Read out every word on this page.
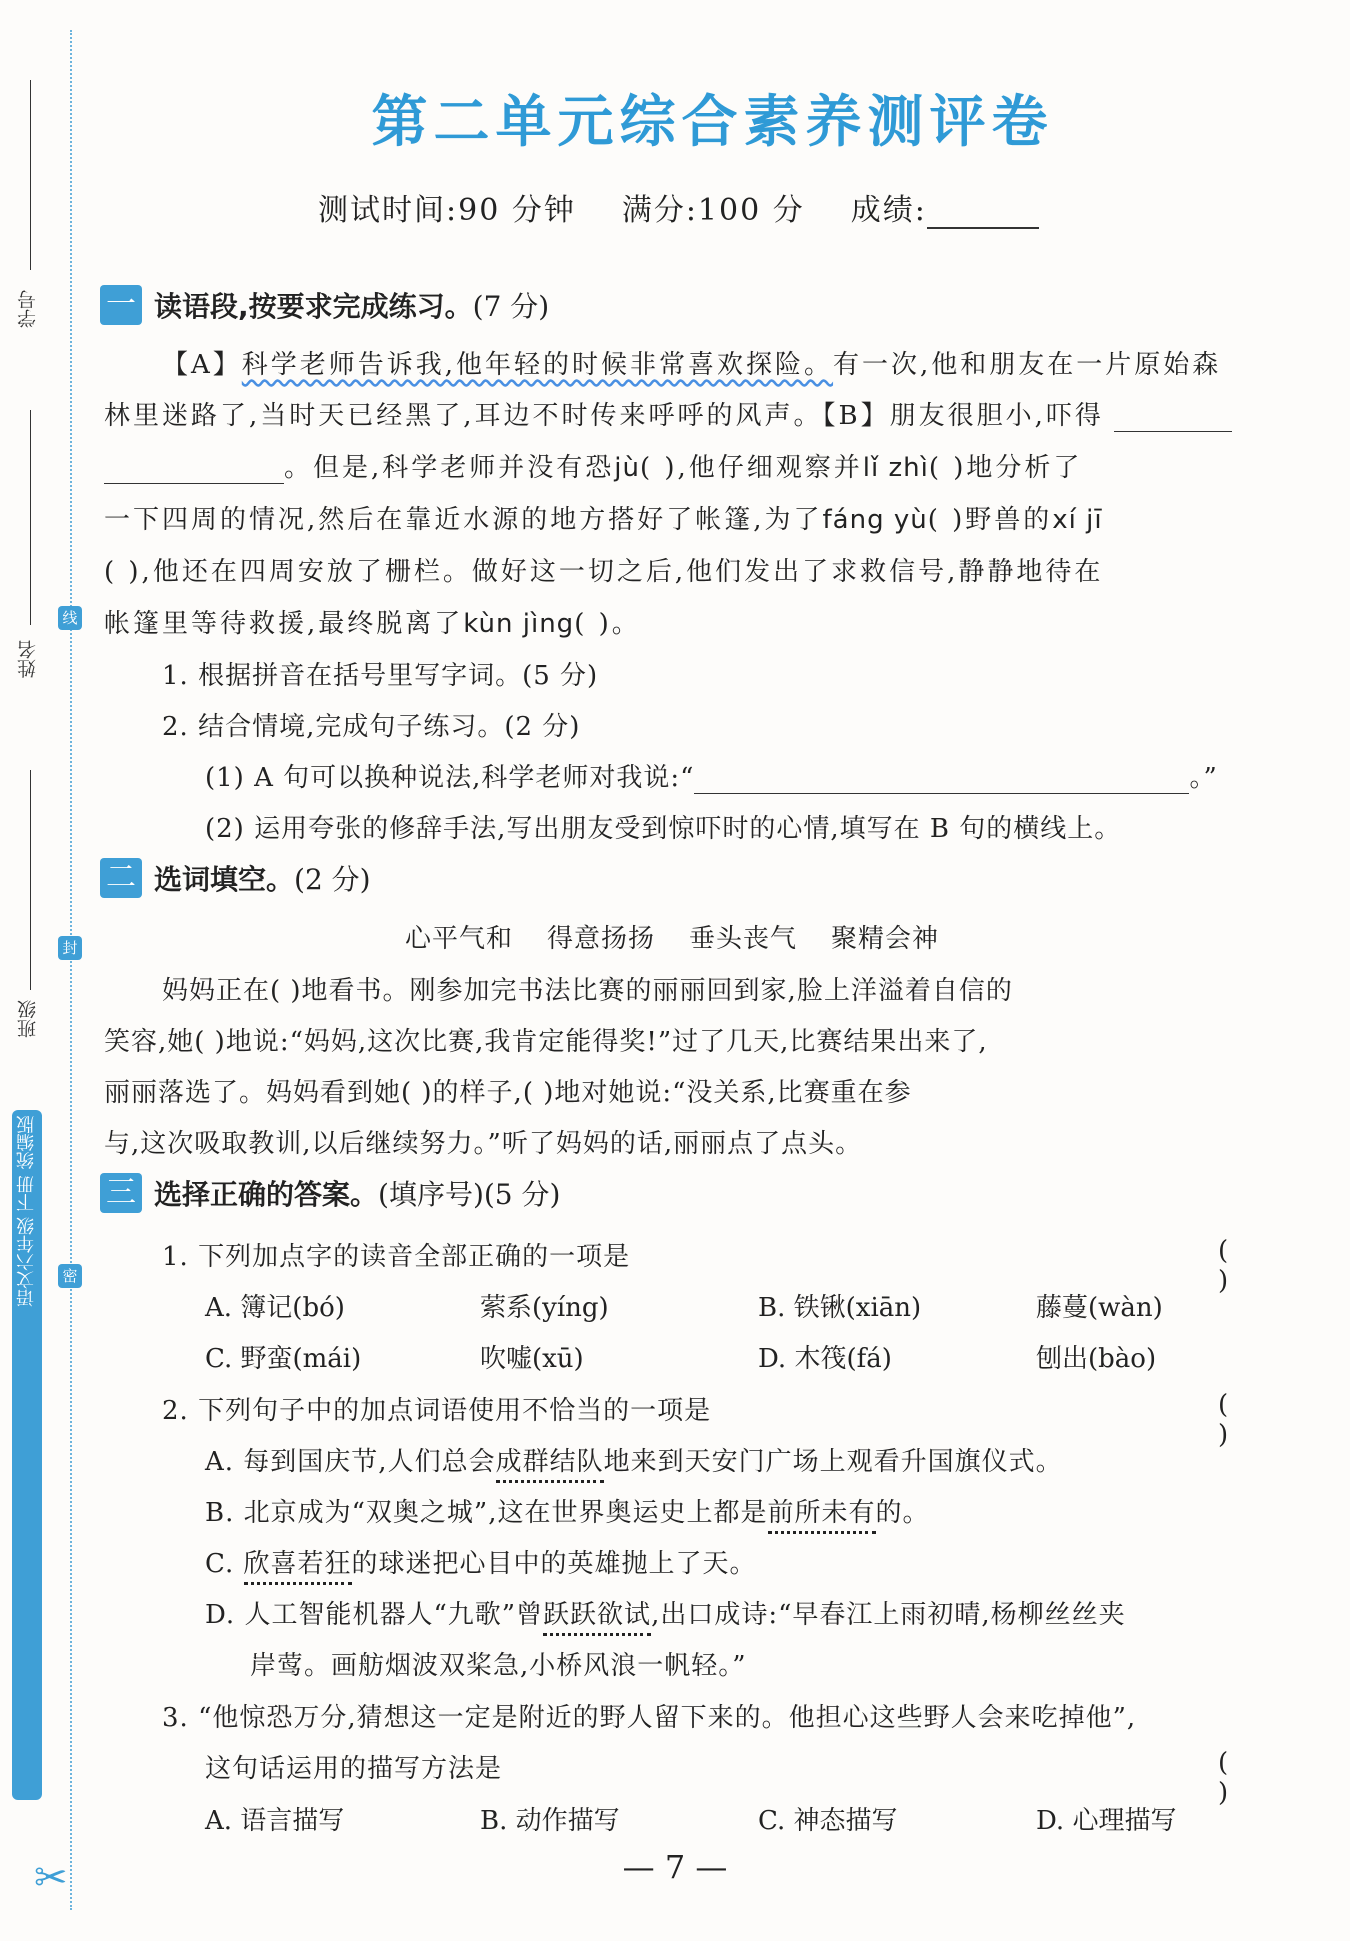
学号
姓名
班级
线
封
密
语文六年级 下册 统编版
✂
第二单元综合素养测评卷
测试时间:90 分钟 满分:100 分 成绩:
一 读语段,按要求完成练习。(7 分)
【A】科学老师告诉我,他年轻的时候非常喜欢探险。有一次,他和朋友在一片原始森
林里迷路了,当时天已经黑了,耳边不时传来呼呼的风声。【B】朋友很胆小,吓得
。但是,科学老师并没有恐jù( ),他仔细观察并lǐ zhì( )地分析了
一下四周的情况,然后在靠近水源的地方搭好了帐篷,为了fáng yù( )野兽的xí jī
( ),他还在四周安放了栅栏。做好这一切之后,他们发出了求救信号,静静地待在
帐篷里等待救援,最终脱离了kùn jìng( )。
1. 根据拼音在括号里写字词。(5 分)
2. 结合情境,完成句子练习。(2 分)
(1) A 句可以换种说法,科学老师对我说:“	。”
(2) 运用夸张的修辞手法,写出朋友受到惊吓时的心情,填写在 B 句的横线上。
二 选词填空。(2 分)
心平气和 得意扬扬 垂头丧气 聚精会神
妈妈正在( )地看书。刚参加完书法比赛的丽丽回到家,脸上洋溢着自信的
笑容,她( )地说:“妈妈,这次比赛,我肯定能得奖!”过了几天,比赛结果出来了,
丽丽落选了。妈妈看到她( )的样子,( )地对她说:“没关系,比赛重在参
与,这次吸取教训,以后继续努力。”听了妈妈的话,丽丽点了点头。
三 选择正确的答案。(填序号)(5 分)
1. 下列加点字的读音全部正确的一项是	( )
A. 簿记(bó)	萦系(yíng)	B. 铁锹(xiān)	藤蔓(wàn)
C. 野蛮(mái)	吹嘘(xū)	D. 木筏(fá)	刨出(bào)
2. 下列句子中的加点词语使用不恰当的一项是	( )
A. 每到国庆节,人们总会成群结队地来到天安门广场上观看升国旗仪式。
B. 北京成为“双奥之城”,这在世界奥运史上都是前所未有的。
C. 欣喜若狂的球迷把心目中的英雄抛上了天。
D. 人工智能机器人“九歌”曾跃跃欲试,出口成诗:“早春江上雨初晴,杨柳丝丝夹
岸莺。画舫烟波双桨急,小桥风浪一帆轻。”
3. “他惊恐万分,猜想这一定是附近的野人留下来的。他担心这些野人会来吃掉他”,
这句话运用的描写方法是	( )
A. 语言描写	B. 动作描写	C. 神态描写	D. 心理描写
— 7 —
